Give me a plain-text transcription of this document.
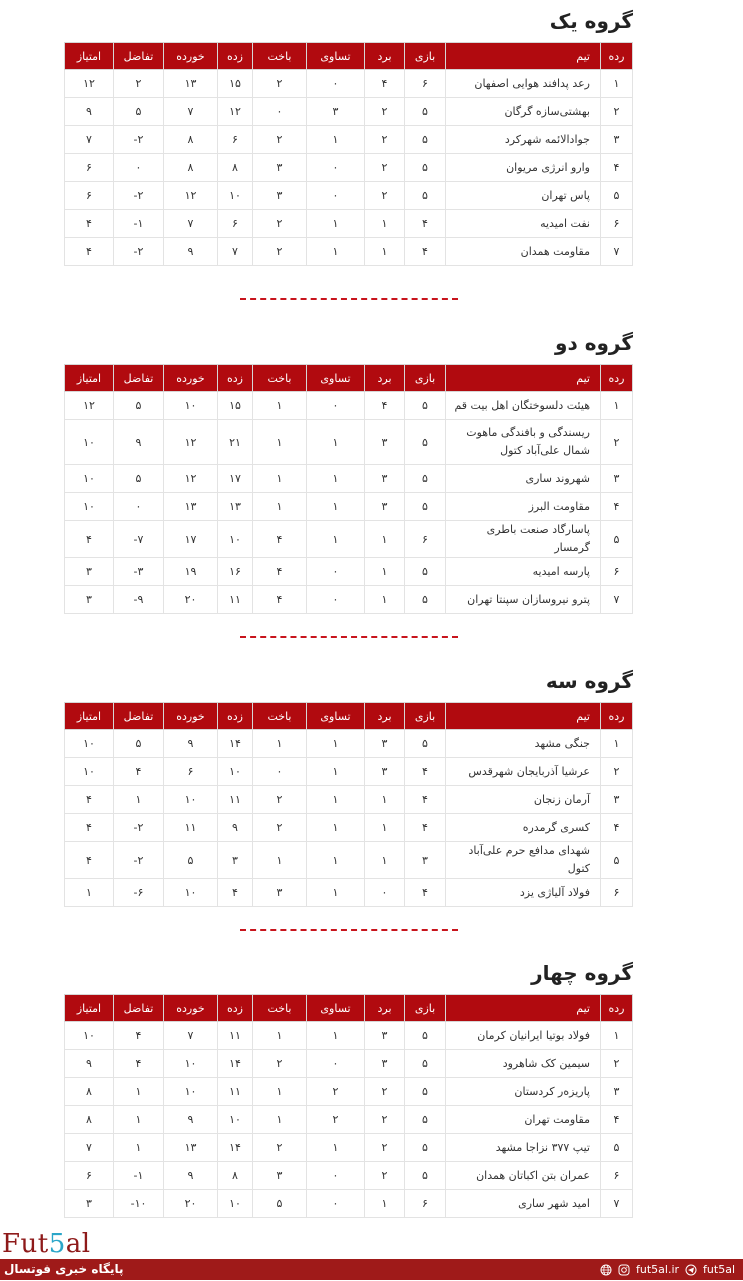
گروه یک
رده	تیم	بازی	برد	تساوی	باخت	زده	خورده	تفاضل	امتیاز
۱	رعد پدافند هوایی اصفهان	۶	۴	۰	۲	۱۵	۱۳	۲	۱۲
۲	بهشتی‌سازه گرگان	۵	۲	۳	۰	۱۲	۷	۵	۹
۳	جوادالائمه شهرکرد	۵	۲	۱	۲	۶	۸	۲-	۷
۴	وارو انرژی مریوان	۵	۲	۰	۳	۸	۸	۰	۶
۵	پاس تهران	۵	۲	۰	۳	۱۰	۱۲	۲-	۶
۶	نفت امیدیه	۴	۱	۱	۲	۶	۷	۱-	۴
۷	مقاومت همدان	۴	۱	۱	۲	۷	۹	۲-	۴
گروه دو
رده	تیم	بازی	برد	تساوی	باخت	زده	خورده	تفاضل	امتیاز
۱	هیئت دلسوختگان اهل بیت قم	۵	۴	۰	۱	۱۵	۱۰	۵	۱۲
۲	ریسندگی و بافندگی ماهوت شمال علی‌آباد کتول	۵	۳	۱	۱	۲۱	۱۲	۹	۱۰
۳	شهروند ساری	۵	۳	۱	۱	۱۷	۱۲	۵	۱۰
۴	مقاومت البرز	۵	۳	۱	۱	۱۳	۱۳	۰	۱۰
۵	پاسارگاد صنعت باطری گرمسار	۶	۱	۱	۴	۱۰	۱۷	۷-	۴
۶	پارسه امیدیه	۵	۱	۰	۴	۱۶	۱۹	۳-	۳
۷	پترو نیروسازان سپنتا تهران	۵	۱	۰	۴	۱۱	۲۰	۹-	۳
گروه سه
رده	تیم	بازی	برد	تساوی	باخت	زده	خورده	تفاضل	امتیاز
۱	جنگی مشهد	۵	۳	۱	۱	۱۴	۹	۵	۱۰
۲	عرشیا آذربایجان شهرقدس	۴	۳	۱	۰	۱۰	۶	۴	۱۰
۳	آرمان زنجان	۴	۱	۱	۲	۱۱	۱۰	۱	۴
۴	کسری گرمدره	۴	۱	۱	۲	۹	۱۱	۲-	۴
۵	شهدای مدافع حرم علی‌آباد کتول	۳	۱	۱	۱	۳	۵	۲-	۴
۶	فولاد آلیاژی یزد	۴	۰	۱	۳	۴	۱۰	۶-	۱
گروه چهار
رده	تیم	بازی	برد	تساوی	باخت	زده	خورده	تفاضل	امتیاز
۱	فولاد بوتیا ایرانیان کرمان	۵	۳	۱	۱	۱۱	۷	۴	۱۰
۲	سیمین کک شاهرود	۵	۳	۰	۲	۱۴	۱۰	۴	۹
۳	پاریزه‌ر کردستان	۵	۲	۲	۱	۱۱	۱۰	۱	۸
۴	مقاومت تهران	۵	۲	۲	۱	۱۰	۹	۱	۸
۵	تیپ ۳۷۷ نزاجا مشهد	۵	۲	۱	۲	۱۴	۱۳	۱	۷
۶	عمران بتن اکباتان همدان	۵	۲	۰	۳	۸	۹	۱-	۶
۷	امید شهر ساری	۶	۱	۰	۵	۱۰	۲۰	۱۰-	۳
Fut5al
پایگاه خبری فوتسال	fut5al.ir fut5al
